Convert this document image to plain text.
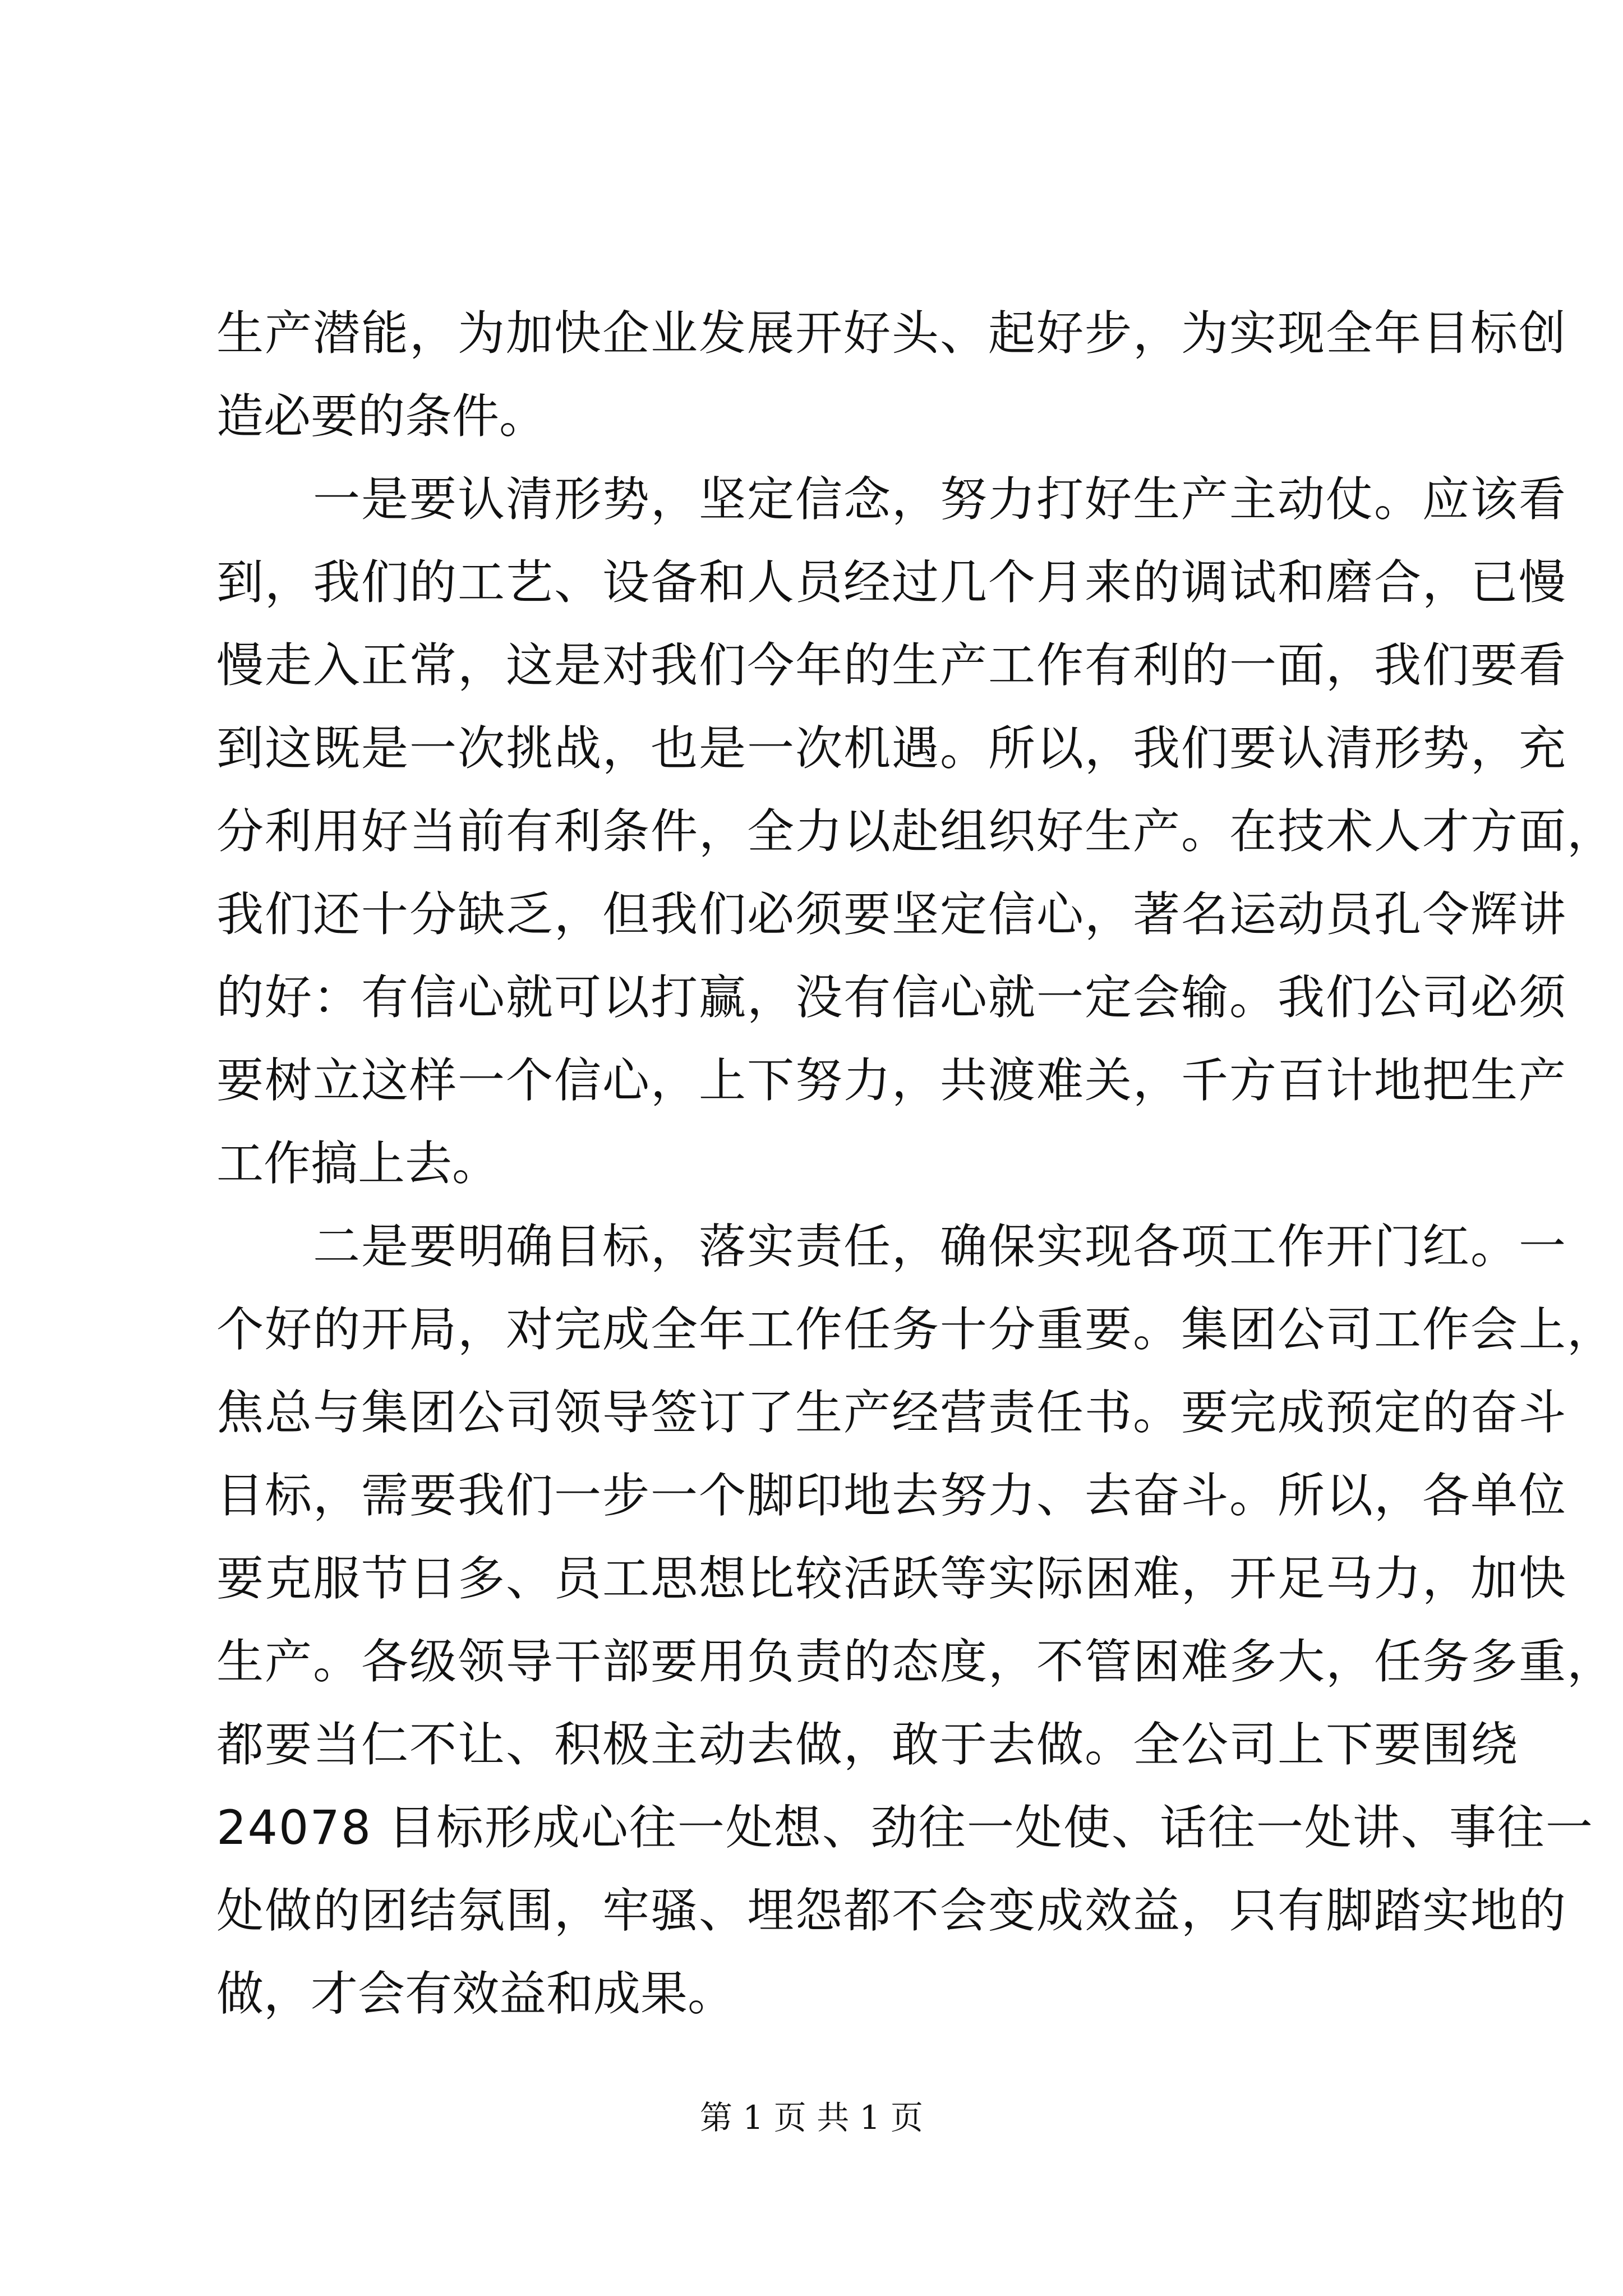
生产潜能，为加快企业发展开好头、起好步，为实现全年目标创
造必要的条件。
　　一是要认清形势，坚定信念，努力打好生产主动仗。应该看
到，我们的工艺、设备和人员经过几个月来的调试和磨合，已慢
慢走入正常，这是对我们今年的生产工作有利的一面，我们要看
到这既是一次挑战，也是一次机遇。所以，我们要认清形势，充
分利用好当前有利条件，全力以赴组织好生产。在技术人才方面，
我们还十分缺乏，但我们必须要坚定信心，著名运动员孔令辉讲
的好：有信心就可以打赢，没有信心就一定会输。我们公司必须
要树立这样一个信心，上下努力，共渡难关，千方百计地把生产
工作搞上去。
　　二是要明确目标，落实责任，确保实现各项工作开门红。一
个好的开局，对完成全年工作任务十分重要。集团公司工作会上，
焦总与集团公司领导签订了生产经营责任书。要完成预定的奋斗
目标，需要我们一步一个脚印地去努力、去奋斗。所以，各单位
要克服节日多、员工思想比较活跃等实际困难，开足马力，加快
生产。各级领导干部要用负责的态度，不管困难多大，任务多重，
都要当仁不让、积极主动去做，敢于去做。全公司上下要围绕
24078 目标形成心往一处想、劲往一处使、话往一处讲、事往一
处做的团结氛围，牢骚、埋怨都不会变成效益，只有脚踏实地的
做，才会有效益和成果。
第 1 页 共 1 页
